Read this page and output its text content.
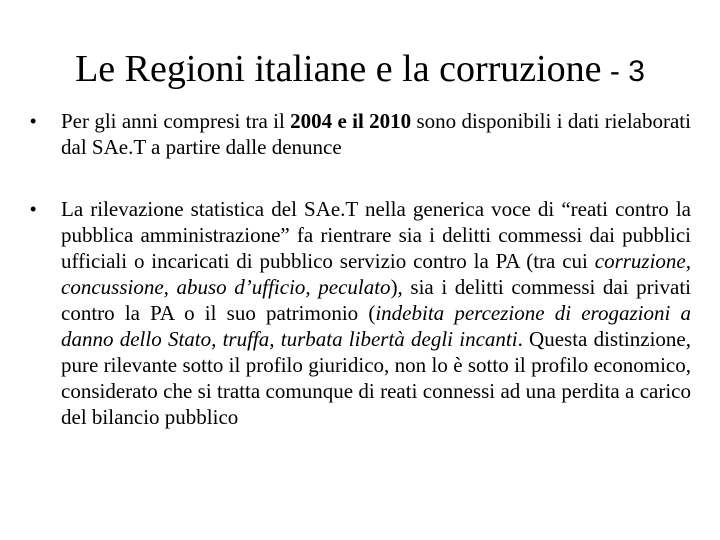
Le Regioni italiane e la corruzione - 3
• Per gli anni compresi tra il 2004 e il 2010 sono disponibili i dati rielaborati dal SAe.T a partire dalle denunce
• La rilevazione statistica del SAe.T nella generica voce di “reati contro la pubblica amministrazione” fa rientrare sia i delitti commessi dai pubblici ufficiali o incaricati di pubblico servizio contro la PA (tra cui corruzione, concussione, abuso d’ufficio, peculato), sia i delitti commessi dai privati contro la PA o il suo patrimonio (indebita percezione di erogazioni a danno dello Stato, truffa, turbata libertà degli incanti. Questa distinzione, pure rilevante sotto il profilo giuridico, non lo è sotto il profilo economico, considerato che si tratta comunque di reati connessi ad una perdita a carico del bilancio pubblico
